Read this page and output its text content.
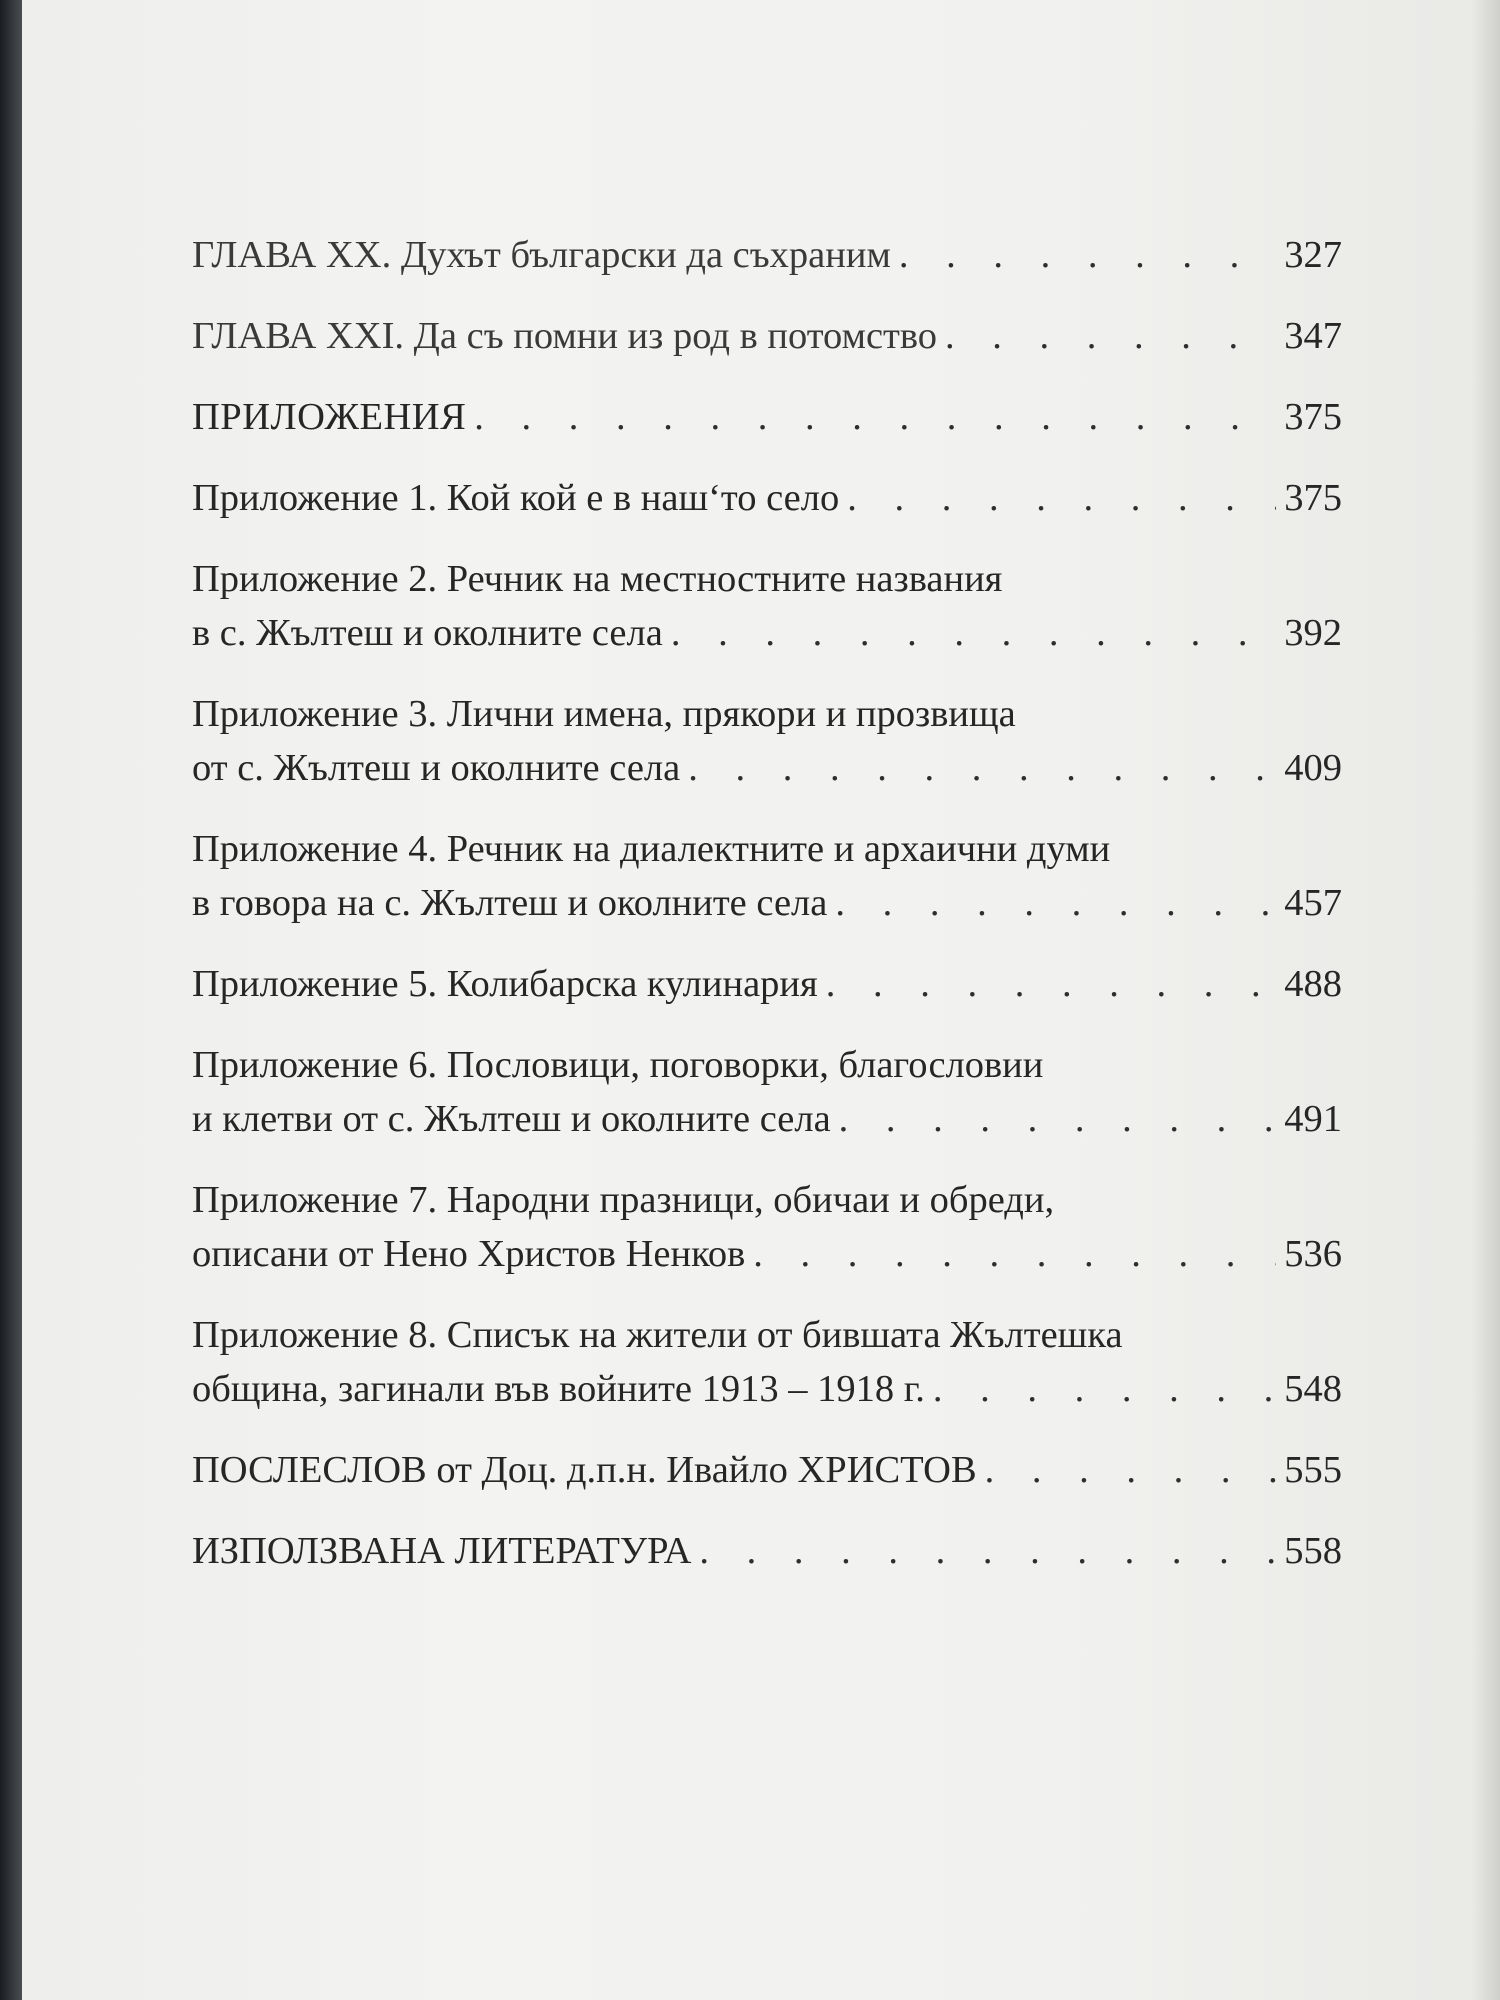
ГЛАВА XX. Духът български да съхраним . . .	327
ГЛАВА XXI. Да съ помни из род в потомство . . .	347
ПРИЛОЖЕНИЯ . . .	375
Приложение 1. Кой кой е в наш‘то село . . .	375
Приложение 2. Речник на местностните названия
в с. Жълтеш и околните села . . .	392
Приложение 3. Лични имена, прякори и прозвища
от с. Жълтеш и околните села . . .	409
Приложение 4. Речник на диалектните и архаични думи
в говора на с. Жълтеш и околните села . . .	457
Приложение 5. Колибарска кулинария . . .	488
Приложение 6. Пословици, поговорки, благословии
и клетви от с. Жълтеш и околните села . . .	491
Приложение 7. Народни празници, обичаи и обреди,
описани от Нено Христов Ненков . . .	536
Приложение 8. Списък на жители от бившата Жълтешка
община, загинали във войните 1913 – 1918 г. . . .	548
ПОСЛЕСЛОВ от Доц. д.п.н. Ивайло ХРИСТОВ . . .	555
ИЗПОЛЗВАНА ЛИТЕРАТУРА . . .	558
